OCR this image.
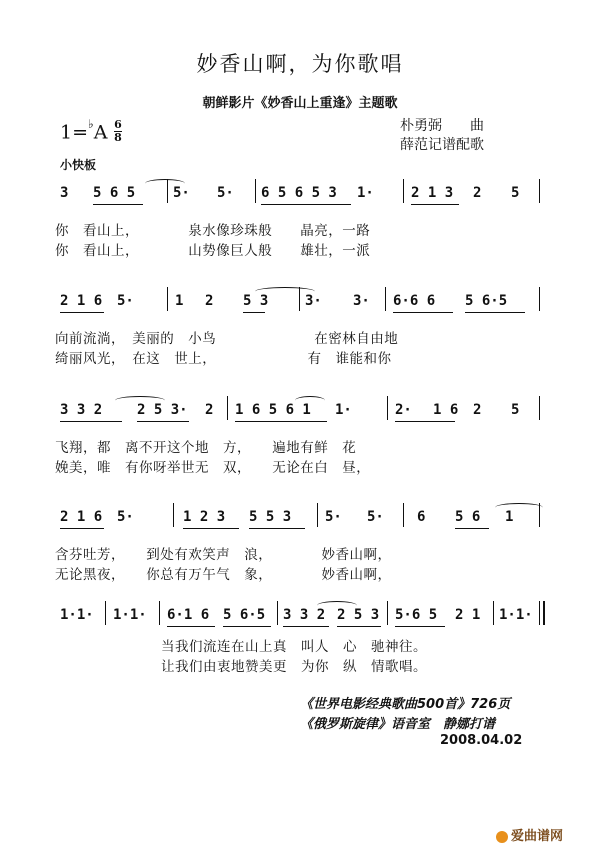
妙香山啊，为你歌唱
朝鲜影片《妙香山上重逢》主题歌
1=♭A 6
8
朴勇弼　　曲
薛范记谱配歌
小快板
3 5 6 5	5· 5· 6 5 6 5 3 1·	2 1 3 2 5
你　看山上，　　　　泉水像珍珠般　　晶亮，一路
你　看山上，　　　　山势像巨人般　　雄壮，一派
2 1 6 5·	1 2 5 3	3· 3· 6·6 6 5 6·5
向前流淌，　美丽的　小鸟　　　　　　　在密林自由地
绮丽风光，　在这　世上，　　　　　　　有　谁能和你
3 3 2 2 5 3· 2 1 6 5 6 1 1·	2· 1 6 2 5
飞翔，都　离不开这个地　方，　　遍地有鲜　花
娩美，唯　有你呀举世无　双，　　无论在白　昼，
2 1 6 5·	1 2 3 5 5 3 5· 5· 6 5 6 1
含芬吐芳，　　到处有欢笑声　浪，　　　　妙香山啊，
无论黑夜，　　你总有万午气　象，　　　　妙香山啊，
1·1· 1·1· 6·1 6 5 6·5 3 3 2 2 5 3 5·6 5 2 1 1·1·
当我们流连在山上真　叫人　心　驰神往。
让我们由衷地赞美更　为你　纵　情歌唱。
《世界电影经典歌曲500首》726页
《俄罗斯旋律》语音室　静娜打谱
2008.04.02
爱曲谱网
